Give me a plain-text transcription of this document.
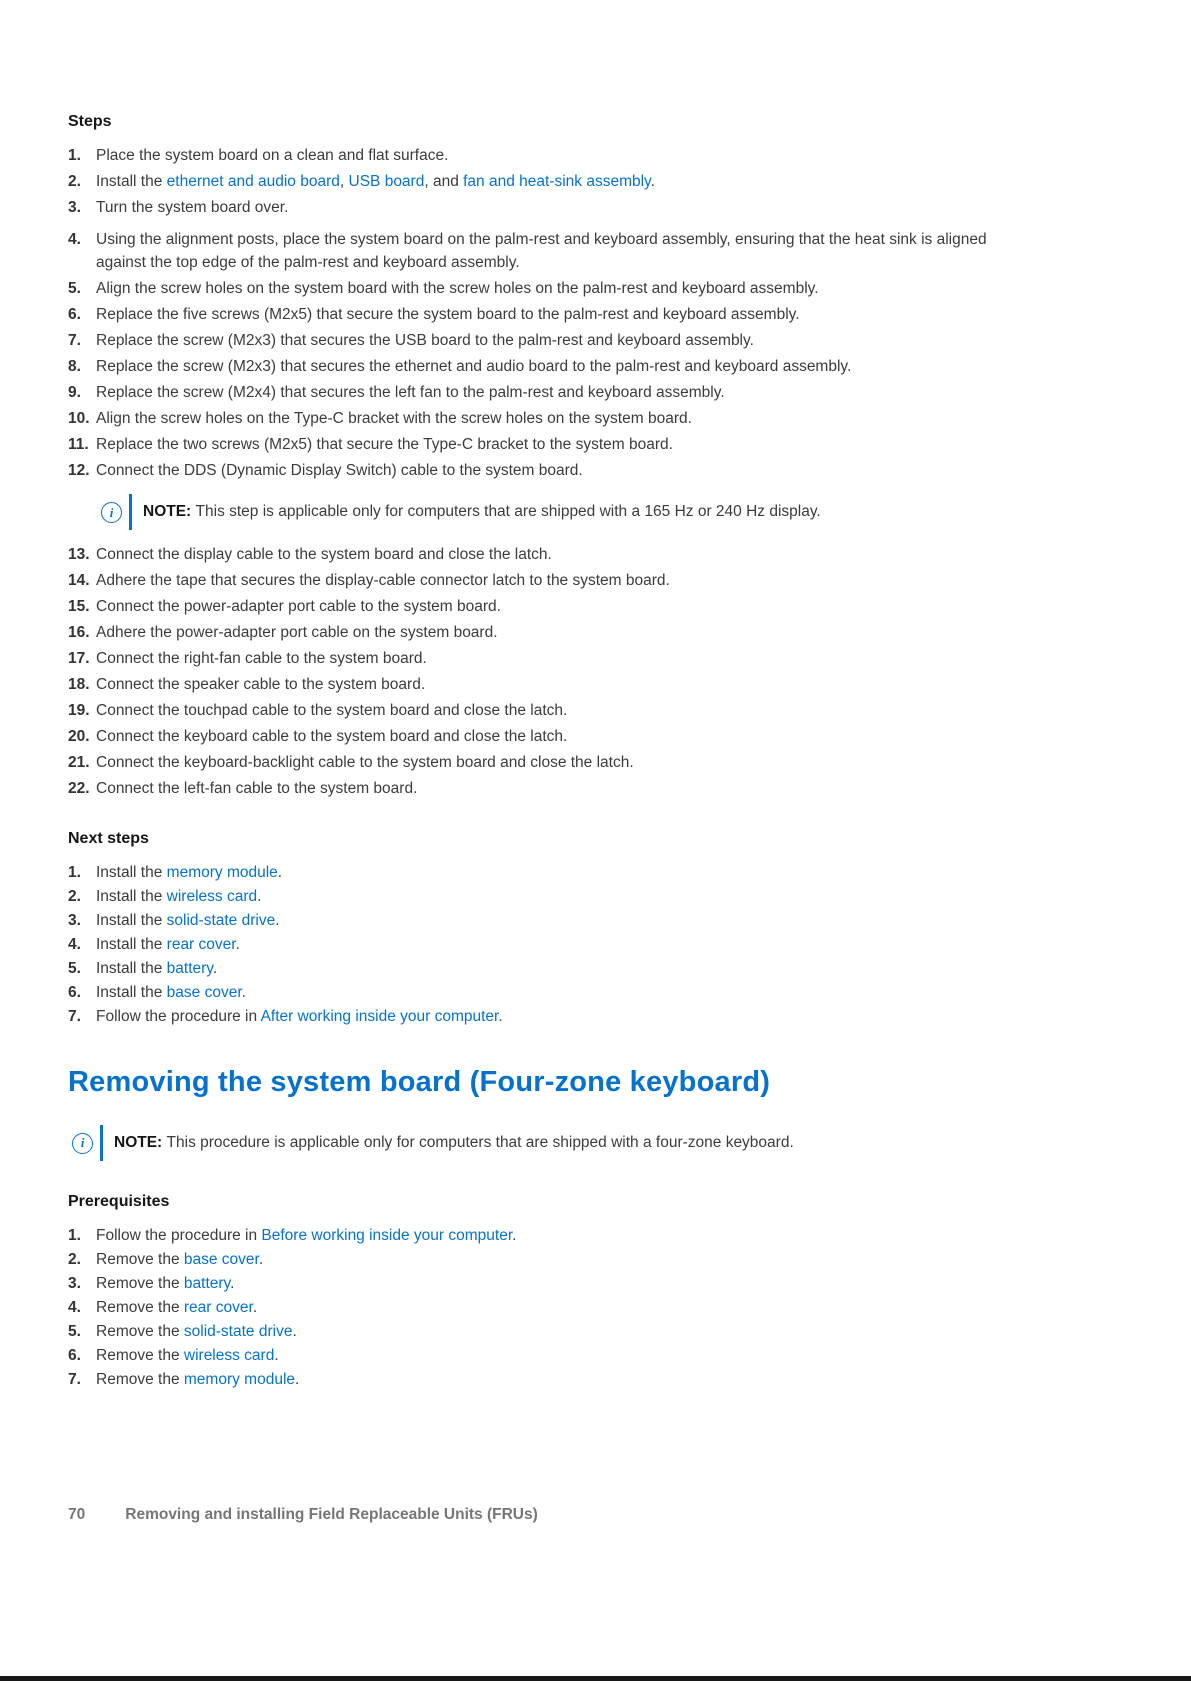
Steps
1. Place the system board on a clean and flat surface.
2. Install the ethernet and audio board, USB board, and fan and heat-sink assembly.
3. Turn the system board over.
4. Using the alignment posts, place the system board on the palm-rest and keyboard assembly, ensuring that the heat sink is aligned against the top edge of the palm-rest and keyboard assembly.
5. Align the screw holes on the system board with the screw holes on the palm-rest and keyboard assembly.
6. Replace the five screws (M2x5) that secure the system board to the palm-rest and keyboard assembly.
7. Replace the screw (M2x3) that secures the USB board to the palm-rest and keyboard assembly.
8. Replace the screw (M2x3) that secures the ethernet and audio board to the palm-rest and keyboard assembly.
9. Replace the screw (M2x4) that secures the left fan to the palm-rest and keyboard assembly.
10. Align the screw holes on the Type-C bracket with the screw holes on the system board.
11. Replace the two screws (M2x5) that secure the Type-C bracket to the system board.
12. Connect the DDS (Dynamic Display Switch) cable to the system board.
i	NOTE: This step is applicable only for computers that are shipped with a 165 Hz or 240 Hz display.
13. Connect the display cable to the system board and close the latch.
14. Adhere the tape that secures the display-cable connector latch to the system board.
15. Connect the power-adapter port cable to the system board.
16. Adhere the power-adapter port cable on the system board.
17. Connect the right-fan cable to the system board.
18. Connect the speaker cable to the system board.
19. Connect the touchpad cable to the system board and close the latch.
20. Connect the keyboard cable to the system board and close the latch.
21. Connect the keyboard-backlight cable to the system board and close the latch.
22. Connect the left-fan cable to the system board.
Next steps
1. Install the memory module.
2. Install the wireless card.
3. Install the solid-state drive.
4. Install the rear cover.
5. Install the battery.
6. Install the base cover.
7. Follow the procedure in After working inside your computer.
Removing the system board (Four-zone keyboard)
i	NOTE: This procedure is applicable only for computers that are shipped with a four-zone keyboard.
Prerequisites
1. Follow the procedure in Before working inside your computer.
2. Remove the base cover.
3. Remove the battery.
4. Remove the rear cover.
5. Remove the solid-state drive.
6. Remove the wireless card.
7. Remove the memory module.
70	Removing and installing Field Replaceable Units (FRUs)
